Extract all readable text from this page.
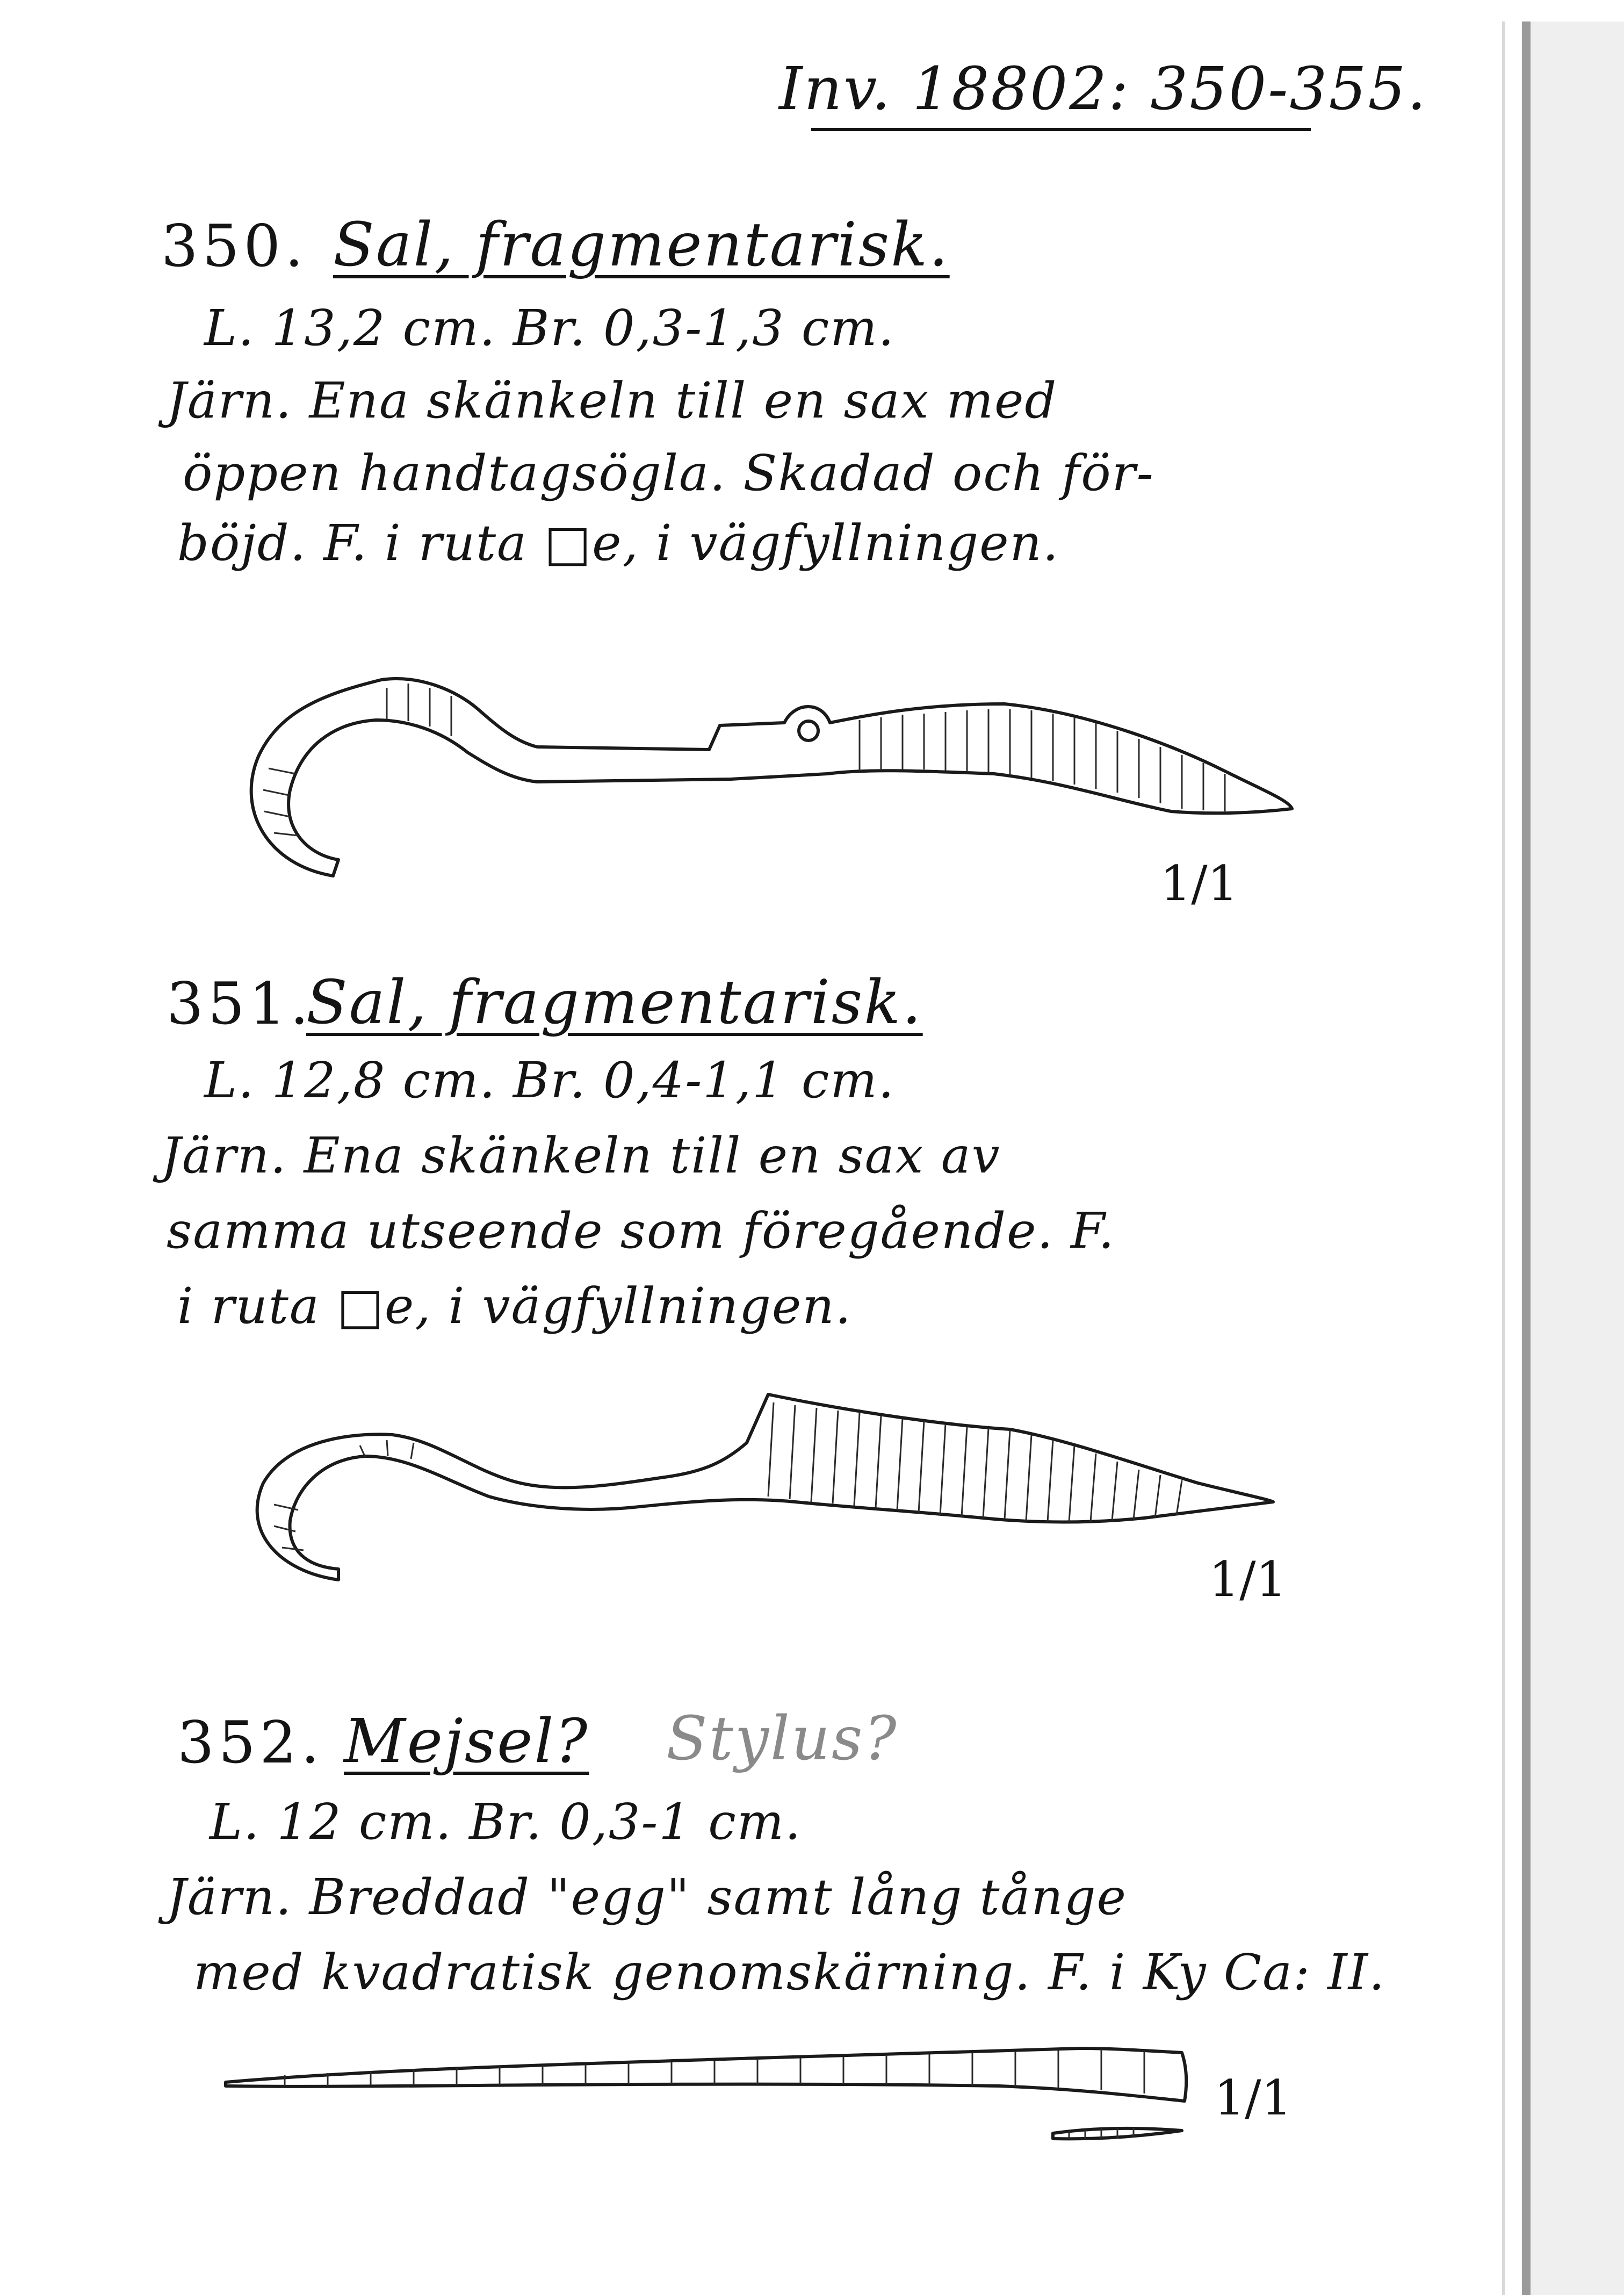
Inv. 18802: 350-355.
350. Sal, fragmentarisk.
L. 13,2 cm. Br. 0,3-1,3 cm.
Järn. Ena skänkeln till en sax med
öppen handtagsögla. Skadad och för-
böjd. F. i ruta □e, i vägfyllningen.
1/1
351.
Sal, fragmentarisk.
L. 12,8 cm. Br. 0,4-1,1 cm.
Järn. Ena skänkeln till en sax av
samma utseende som föregående. F.
i ruta □e, i vägfyllningen.
1/1
352. Mejsel? Stylus?
L. 12 cm. Br. 0,3-1 cm.
Järn. Breddad "egg" samt lång tånge
med kvadratisk genomskärning. F. i Ky Ca: II.
1/1
